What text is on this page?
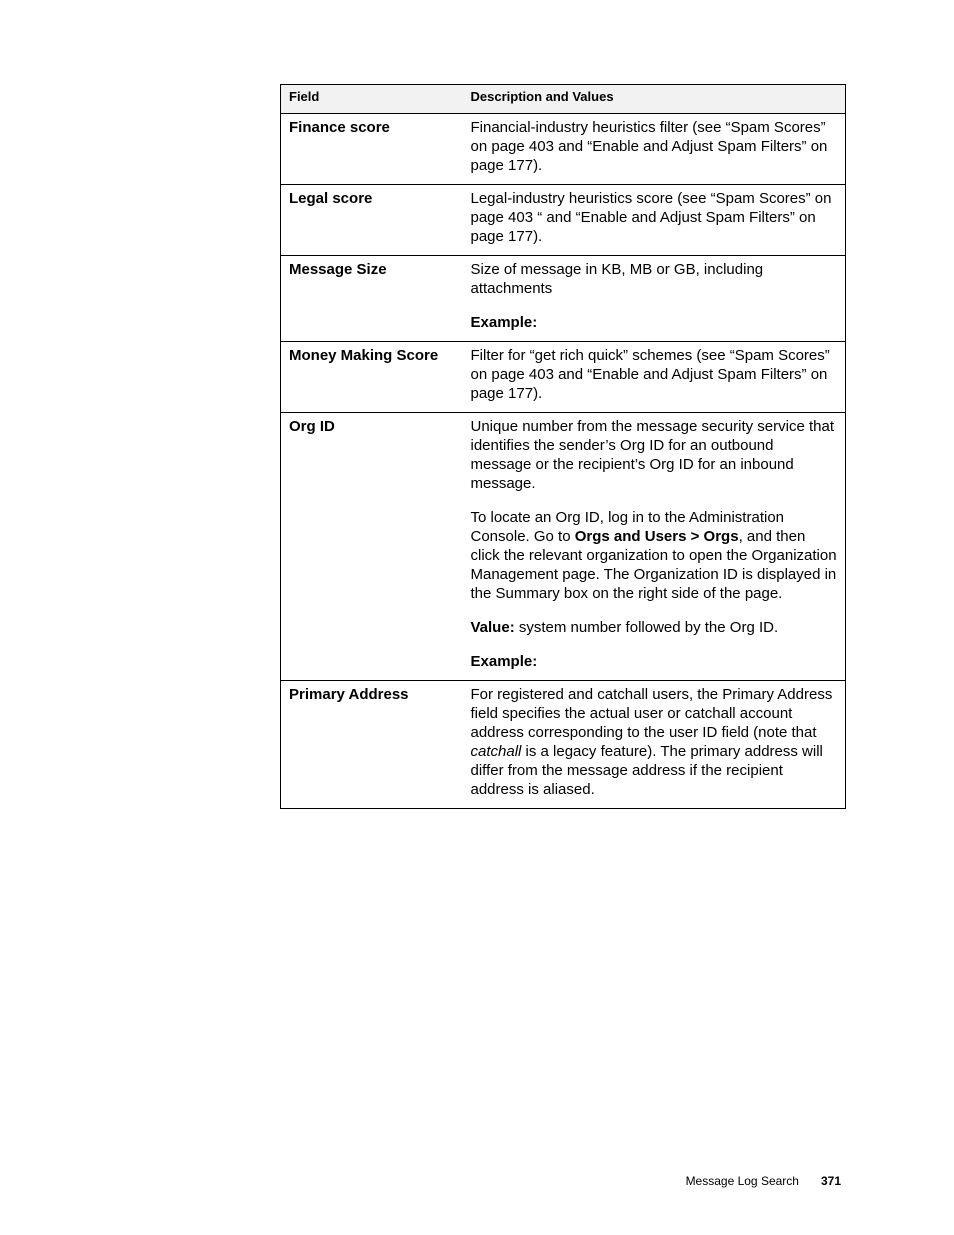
Field	Description and Values
Finance score	Financial-industry heuristics filter (see “Spam Scores” on page 403 and “Enable and Adjust Spam Filters” on page 177).

Legal score	Legal-industry heuristics score (see “Spam Scores” on page 403 “ and “Enable and Adjust Spam Filters” on page 177).

Message Size	Size of message in KB, MB or GB, including attachments

Example:

Money Making Score	Filter for “get rich quick” schemes (see “Spam Scores” on page 403 and “Enable and Adjust Spam Filters” on page 177).

Org ID	Unique number from the message security service that identifies the sender’s Org ID for an outbound message or the recipient’s Org ID for an inbound message.

To locate an Org ID, log in to the Administration Console. Go to Orgs and Users > Orgs, and then click the relevant organization to open the Organization Management page. The Organization ID is displayed in the Summary box on the right side of the page.

Value: system number followed by the Org ID.

Example:

Primary Address	For registered and catchall users, the Primary Address field specifies the actual user or catchall account address corresponding to the user ID field (note that catchall is a legacy feature). The primary address will differ from the message address if the recipient address is aliased.

Message Log Search 371
